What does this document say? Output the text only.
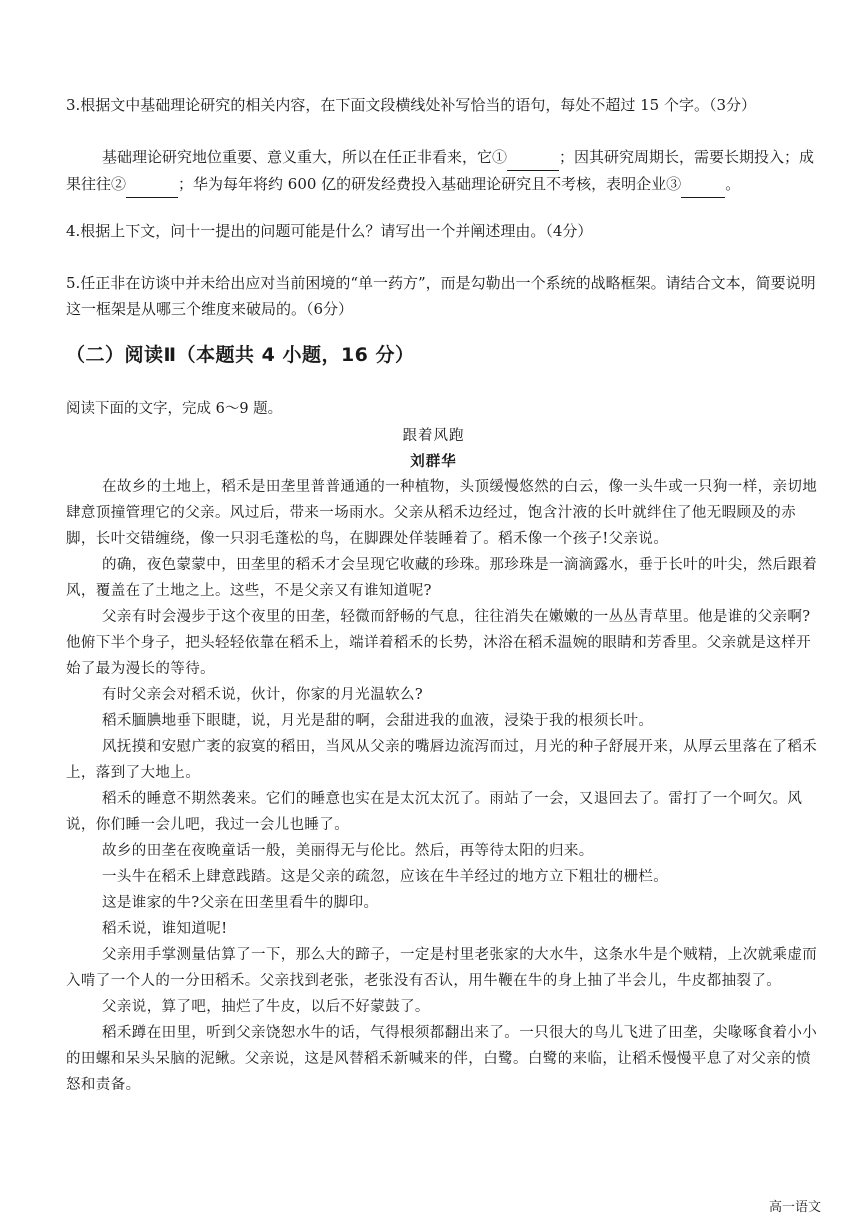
3.根据文中基础理论研究的相关内容，在下面文段横线处补写恰当的语句，每处不超过 15 个字。（3分）

基础理论研究地位重要、意义重大，所以在任正非看来，它①	；因其研究周期长，需要长期投入；成果往往②	；华为每年将约 600 亿的研发经费投入基础理论研究且不考核，表明企业③	。

4.根据上下文，问十一提出的问题可能是什么？请写出一个并阐述理由。（4分）

5.任正非在访谈中并未给出应对当前困境的“单一药方”，而是勾勒出一个系统的战略框架。请结合文本，简要说明这一框架是从哪三个维度来破局的。（6分）

（二）阅读Ⅱ（本题共 4 小题，16 分）

阅读下面的文字，完成 6～9 题。

跟着风跑

刘群华

在故乡的土地上，稻禾是田垄里普普通通的一种植物，头顶缓慢悠然的白云，像一头牛或一只狗一样，亲切地肆意顶撞管理它的父亲。风过后，带来一场雨水。父亲从稻禾边经过，饱含汁液的长叶就绊住了他无暇顾及的赤脚，长叶交错缠绕，像一只羽毛蓬松的鸟，在脚踝处佯装睡着了。稻禾像一个孩子!父亲说。

的确，夜色蒙蒙中，田垄里的稻禾才会呈现它收藏的珍珠。那珍珠是一滴滴露水，垂于长叶的叶尖，然后跟着风，覆盖在了土地之上。这些，不是父亲又有谁知道呢?

父亲有时会漫步于这个夜里的田垄，轻微而舒畅的气息，往往消失在嫩嫩的一丛丛青草里。他是谁的父亲啊?他俯下半个身子，把头轻轻依靠在稻禾上，端详着稻禾的长势，沐浴在稻禾温婉的眼睛和芳香里。父亲就是这样开始了最为漫长的等待。

有时父亲会对稻禾说，伙计，你家的月光温软么?

稻禾腼腆地垂下眼睫，说，月光是甜的啊，会甜进我的血液，浸染于我的根须长叶。

风抚摸和安慰广袤的寂寞的稻田，当风从父亲的嘴唇边流泻而过，月光的种子舒展开来，从厚云里落在了稻禾上，落到了大地上。

稻禾的睡意不期然袭来。它们的睡意也实在是太沉太沉了。雨站了一会，又退回去了。雷打了一个呵欠。风说，你们睡一会儿吧，我过一会儿也睡了。

故乡的田垄在夜晚童话一般，美丽得无与伦比。然后，再等待太阳的归来。

一头牛在稻禾上肆意践踏。这是父亲的疏忽，应该在牛羊经过的地方立下粗壮的栅栏。

这是谁家的牛?父亲在田垄里看牛的脚印。

稻禾说，谁知道呢!

父亲用手掌测量估算了一下，那么大的蹄子，一定是村里老张家的大水牛，这条水牛是个贼精，上次就乘虚而入啃了一个人的一分田稻禾。父亲找到老张，老张没有否认，用牛鞭在牛的身上抽了半会儿，牛皮都抽裂了。

父亲说，算了吧，抽烂了牛皮，以后不好蒙鼓了。

稻禾蹲在田里，听到父亲饶恕水牛的话，气得根须都翻出来了。一只很大的鸟儿飞进了田垄，尖喙啄食着小小的田螺和呆头呆脑的泥鳅。父亲说，这是风替稻禾新喊来的伴，白鹭。白鹭的来临，让稻禾慢慢平息了对父亲的愤怒和责备。

高一语文
